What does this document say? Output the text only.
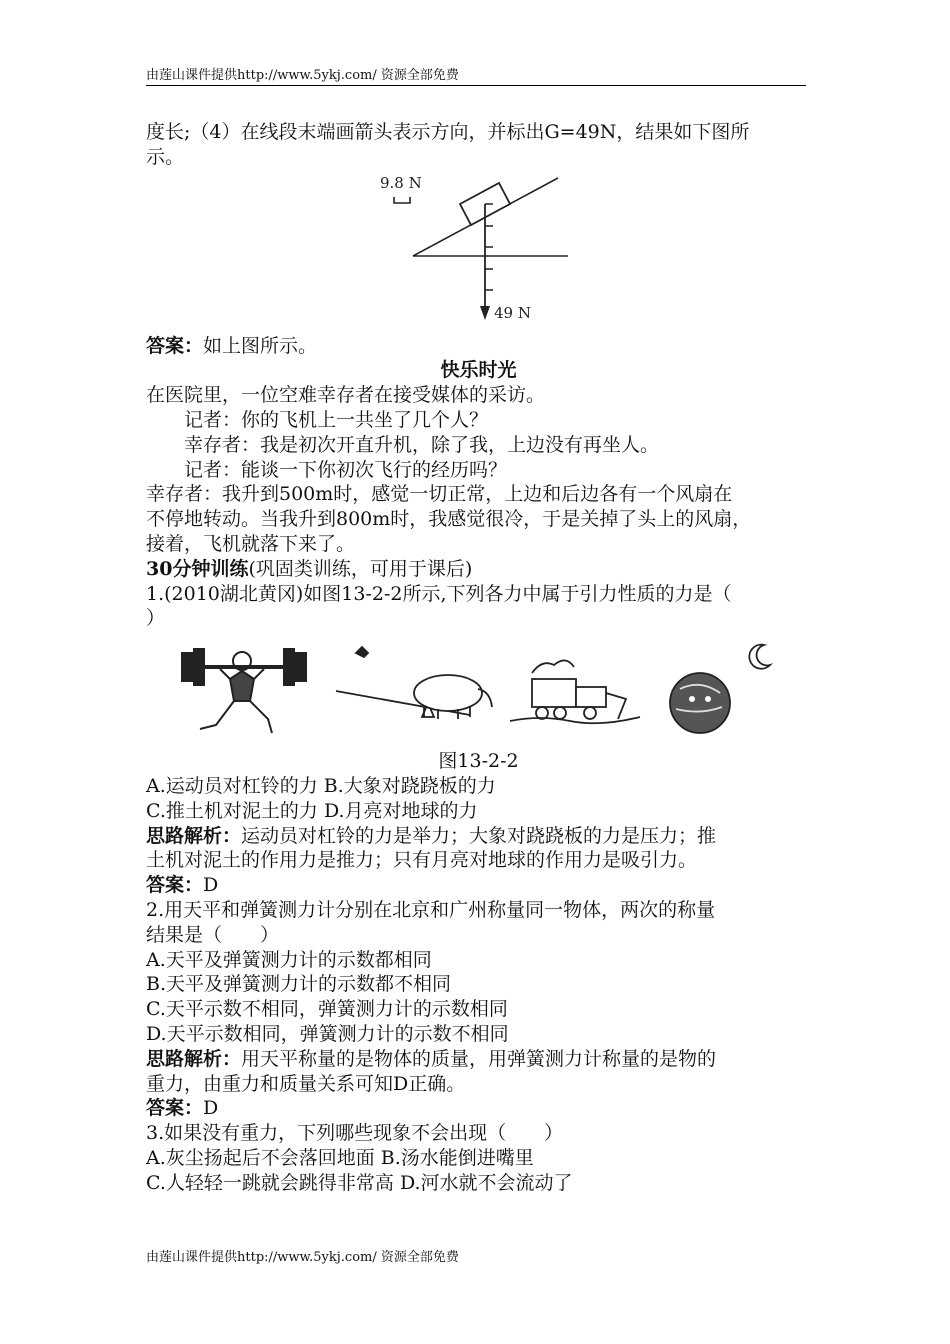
由莲山课件提供http://www.5ykj.com/ 资源全部免费

度长;（4）在线段末端画箭头表示方向，并标出G=49N，结果如下图所

示。

9.8 N
49 N

答案：如上图所示。

快乐时光

在医院里，一位空难幸存者在接受媒体的采访。

记者：你的飞机上一共坐了几个人？

幸存者：我是初次开直升机，除了我，上边没有再坐人。

记者：能谈一下你初次飞行的经历吗？

幸存者：我升到500m时，感觉一切正常，上边和后边各有一个风扇在

不停地转动。当我升到800m时，我感觉很冷，于是关掉了头上的风扇，

接着，飞机就落下来了。

30分钟训练(巩固类训练，可用于课后)

1.(2010湖北黄冈)如图13-2-2所示,下列各力中属于引力性质的力是（

）

图13-2-2

A.运动员对杠铃的力 B.大象对跷跷板的力

C.推土机对泥土的力 D.月亮对地球的力

思路解析：运动员对杠铃的力是举力；大象对跷跷板的力是压力；推

土机对泥土的作用力是推力；只有月亮对地球的作用力是吸引力。

答案：D

2.用天平和弹簧测力计分别在北京和广州称量同一物体，两次的称量

结果是（　　）

A.天平及弹簧测力计的示数都相同

B.天平及弹簧测力计的示数都不相同

C.天平示数不相同，弹簧测力计的示数相同

D.天平示数相同，弹簧测力计的示数不相同

思路解析：用天平称量的是物体的质量，用弹簧测力计称量的是物的

重力，由重力和质量关系可知D正确。

答案：D

3.如果没有重力，下列哪些现象不会出现（　　）

A.灰尘扬起后不会落回地面 B.汤水能倒进嘴里

C.人轻轻一跳就会跳得非常高 D.河水就不会流动了

由莲山课件提供http://www.5ykj.com/ 资源全部免费
